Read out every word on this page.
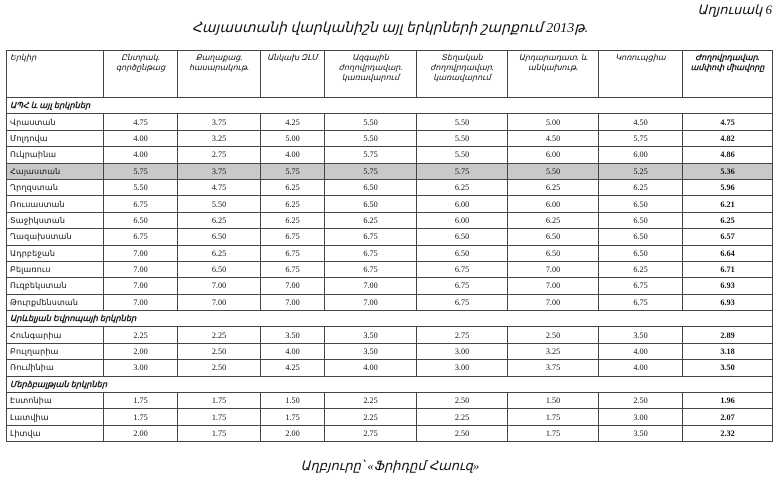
Աղյուսակ 6
Հայաստանի վարկանիշն այլ երկրների շարքում 2013թ.
Երկիր	Ընտրակ. գործընթաց	Քաղաքաց. հասարակութ.	Անկախ ԶԼՄ	Ազգային ժողովրդավար. կառավարում	Տեղական ժողովրդավար. կառավարում	Արդարադատ. և անկախութ.	Կոռուպցիա	Ժողովրդավար. ամփոփ միավորը
ԱՊՀ և այլ երկրներ								
Վրաստան	4.75	3.75	4.25	5.50	5.50	5.00	4.50	4.75
Մոլդովա	4.00	3.25	5.00	5.50	5.50	4.50	5.75	4.82
Ուկրաինա	4.00	2.75	4.00	5.75	5.50	6.00	6.00	4.86
Հայաստան	5.75	3.75	5.75	5.75	5.75	5.50	5.25	5.36
Ղրղզստան	5.50	4.75	6.25	6.50	6.25	6.25	6.25	5.96
Ռուսաստան	6.75	5.50	6.25	6.50	6.00	6.00	6.50	6.21
Տաջիկստան	6.50	6.25	6.25	6.25	6.00	6.25	6.50	6.25
Ղազախստան	6.75	6.50	6.75	6.75	6.50	6.50	6.50	6.57
Ադրբեջան	7.00	6.25	6.75	6.75	6.50	6.50	6.50	6.64
Բելառուս	7.00	6.50	6.75	6.75	6.75	7.00	6.25	6.71
Ուզբեկստան	7.00	7.00	7.00	7.00	6.75	7.00	6.75	6.93
Թուրքմենստան	7.00	7.00	7.00	7.00	6.75	7.00	6.75	6.93
Արևելյան Եվրոպայի երկրներ								
Հունգարիա	2.25	2.25	3.50	3.50	2.75	2.50	3.50	2.89
Բուլղարիա	2.00	2.50	4.00	3.50	3.00	3.25	4.00	3.18
Ռումինիա	3.00	2.50	4.25	4.00	3.00	3.75	4.00	3.50
Մերձբալթյան երկրներ								
Էստոնիա	1.75	1.75	1.50	2.25	2.50	1.50	2.50	1.96
Լատվիա	1.75	1.75	1.75	2.25	2.25	1.75	3.00	2.07
Լիտվա	2.00	1.75	2.00	2.75	2.50	1.75	3.50	2.32
Աղբյուրը՝ «Ֆրիդըմ Հաուզ»
